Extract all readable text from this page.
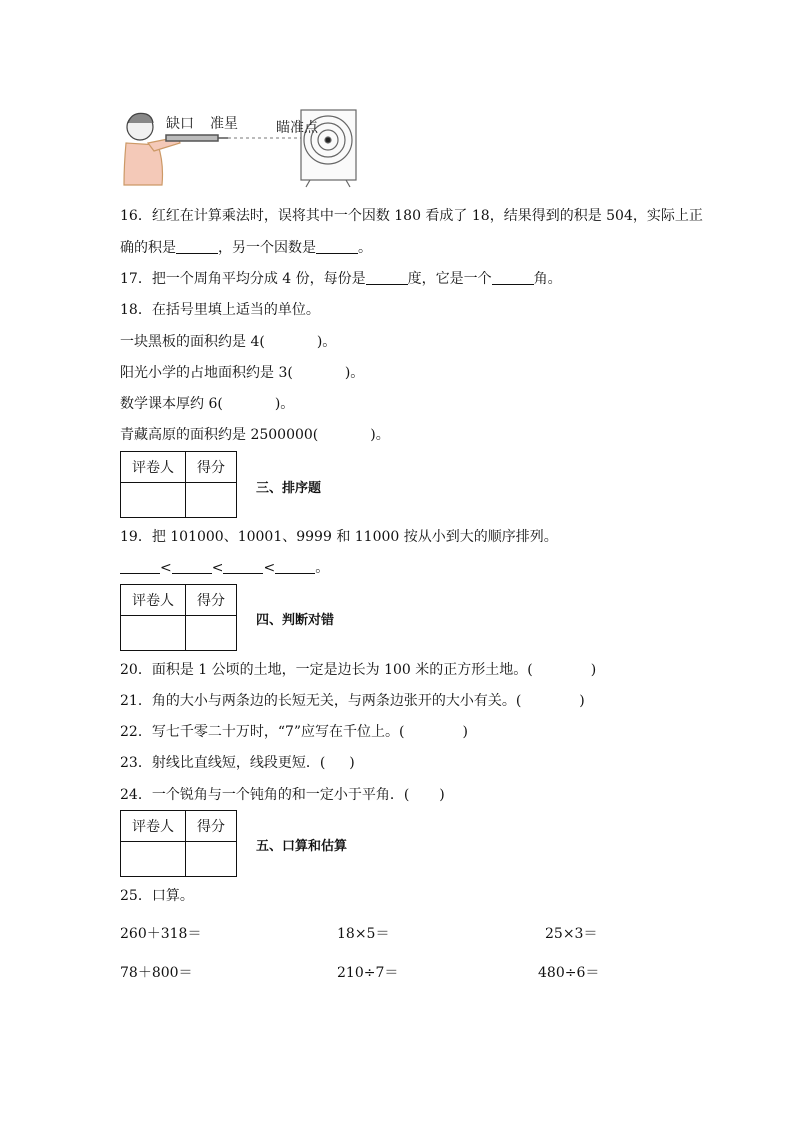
缺口 准星	瞄准点
16．红红在计算乘法时，误将其中一个因数 180 看成了 18，结果得到的积是 504，实际上正
确的积是	，另一个因数是	。
17．把一个周角平均分成 4 份，每份是	度，它是一个	角。
18．在括号里填上适当的单位。
一块黑板的面积约是 4(	)。
阳光小学的占地面积约是 3(	)。
数学课本厚约 6(	)。
青藏高原的面积约是 2500000(	)。
评卷人	得分

三、排序题
19．把 101000、10001、9999 和 11000 按从小到大的顺序排列。
<	<	<	。
评卷人	得分

四、判断对错
20．面积是 1 公顷的土地，一定是边长为 100 米的正方形土地。(	)
21．角的大小与两条边的长短无关，与两条边张开的大小有关。(	)
22．写七千零二十万时，“7”应写在千位上。(	)
23．射线比直线短，线段更短．( )
24．一个锐角与一个钝角的和一定小于平角．( )
评卷人	得分

五、口算和估算
25．口算。
260＋318＝	18×5＝	25×3＝
78＋800＝	210÷7＝	480÷6＝
